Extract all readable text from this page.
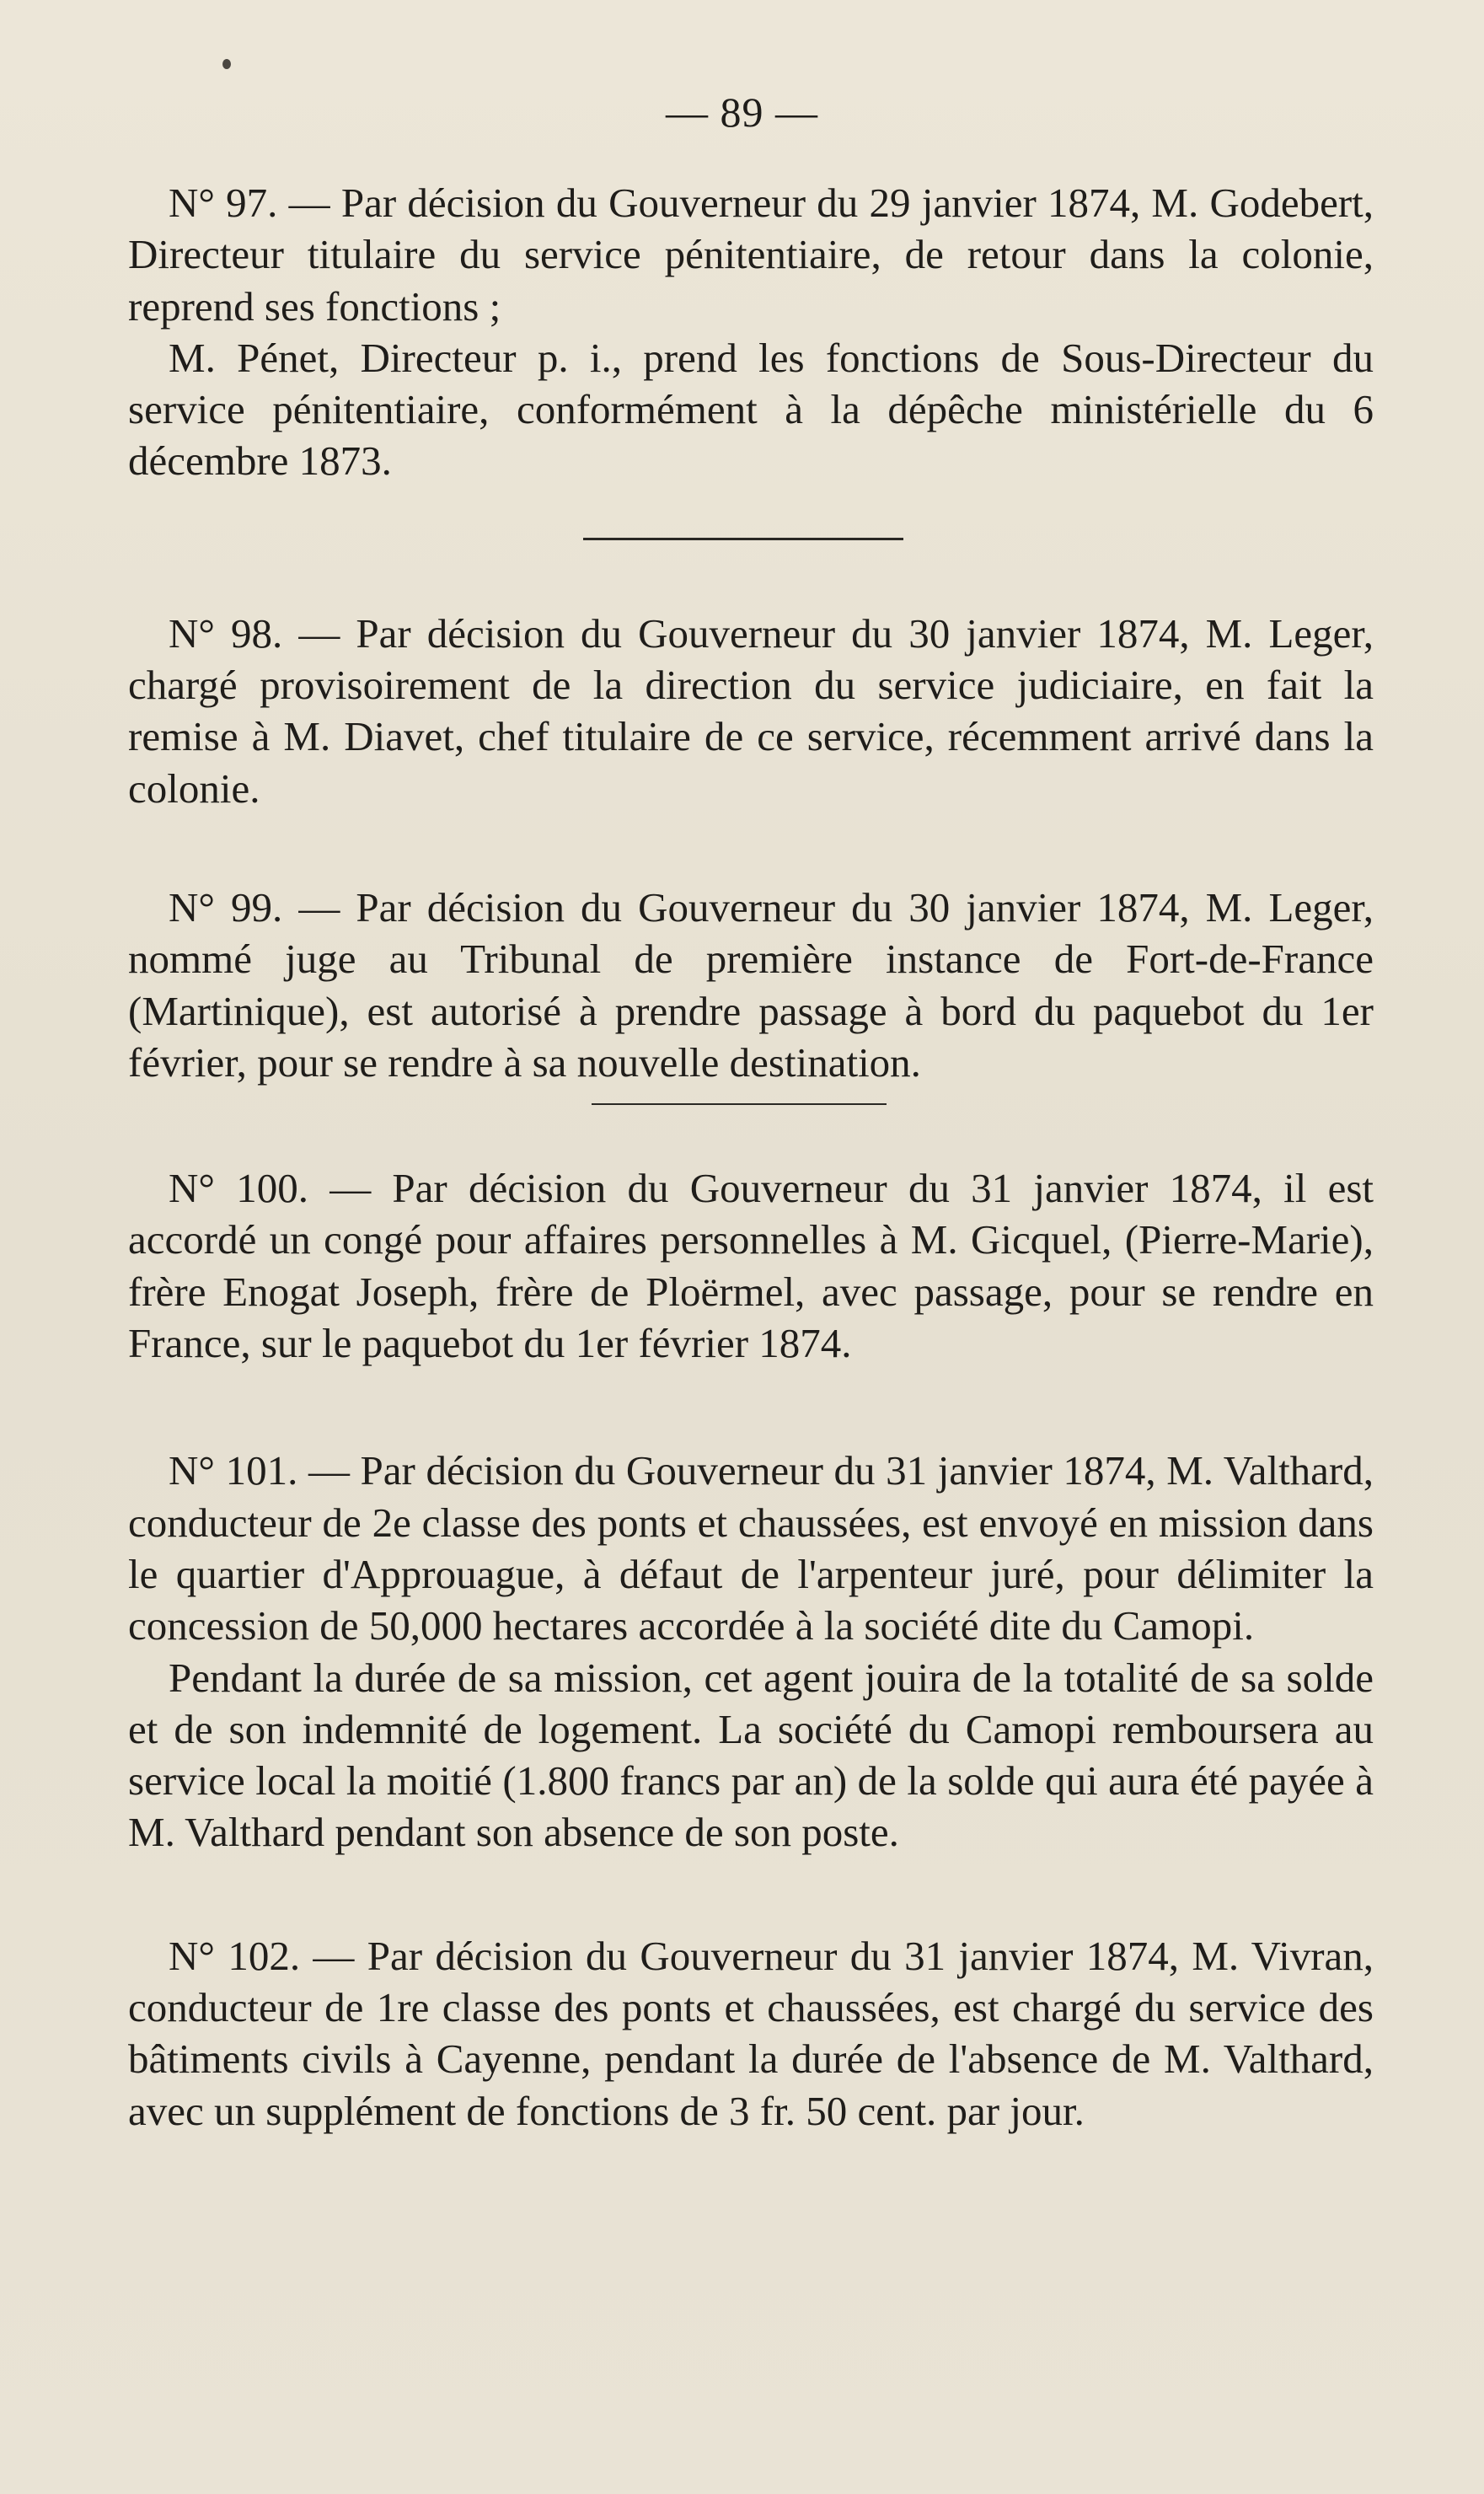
— 89 —

N° 97. — Par décision du Gouverneur du 29 janvier 1874, M. Godebert, Directeur titulaire du service pénitentiaire, de retour dans la colonie, reprend ses fonctions ;

M. Pénet, Directeur p. i., prend les fonctions de Sous-Directeur du service pénitentiaire, conformément à la dépêche ministérielle du 6 décembre 1873.

N° 98. — Par décision du Gouverneur du 30 janvier 1874, M. Leger, chargé provisoirement de la direction du service judiciaire, en fait la remise à M. Diavet, chef titulaire de ce service, récemment arrivé dans la colonie.

N° 99. — Par décision du Gouverneur du 30 janvier 1874, M. Leger, nommé juge au Tribunal de première instance de Fort-de-France (Martinique), est autorisé à prendre passage à bord du paquebot du 1er février, pour se rendre à sa nouvelle destination.

N° 100. — Par décision du Gouverneur du 31 janvier 1874, il est accordé un congé pour affaires personnelles à M. Gicquel, (Pierre-Marie), frère Enogat Joseph, frère de Ploërmel, avec passage, pour se rendre en France, sur le paquebot du 1er février 1874.

N° 101. — Par décision du Gouverneur du 31 janvier 1874, M. Valthard, conducteur de 2e classe des ponts et chaussées, est envoyé en mission dans le quartier d'Approuague, à défaut de l'arpenteur juré, pour délimiter la concession de 50,000 hectares accordée à la société dite du Camopi.

Pendant la durée de sa mission, cet agent jouira de la totalité de sa solde et de son indemnité de logement. La société du Camopi remboursera au service local la moitié (1.800 francs par an) de la solde qui aura été payée à M. Valthard pendant son absence de son poste.

N° 102. — Par décision du Gouverneur du 31 janvier 1874, M. Vivran, conducteur de 1re classe des ponts et chaussées, est chargé du service des bâtiments civils à Cayenne, pendant la durée de l'absence de M. Valthard, avec un supplément de fonctions de 3 fr. 50 cent. par jour.
